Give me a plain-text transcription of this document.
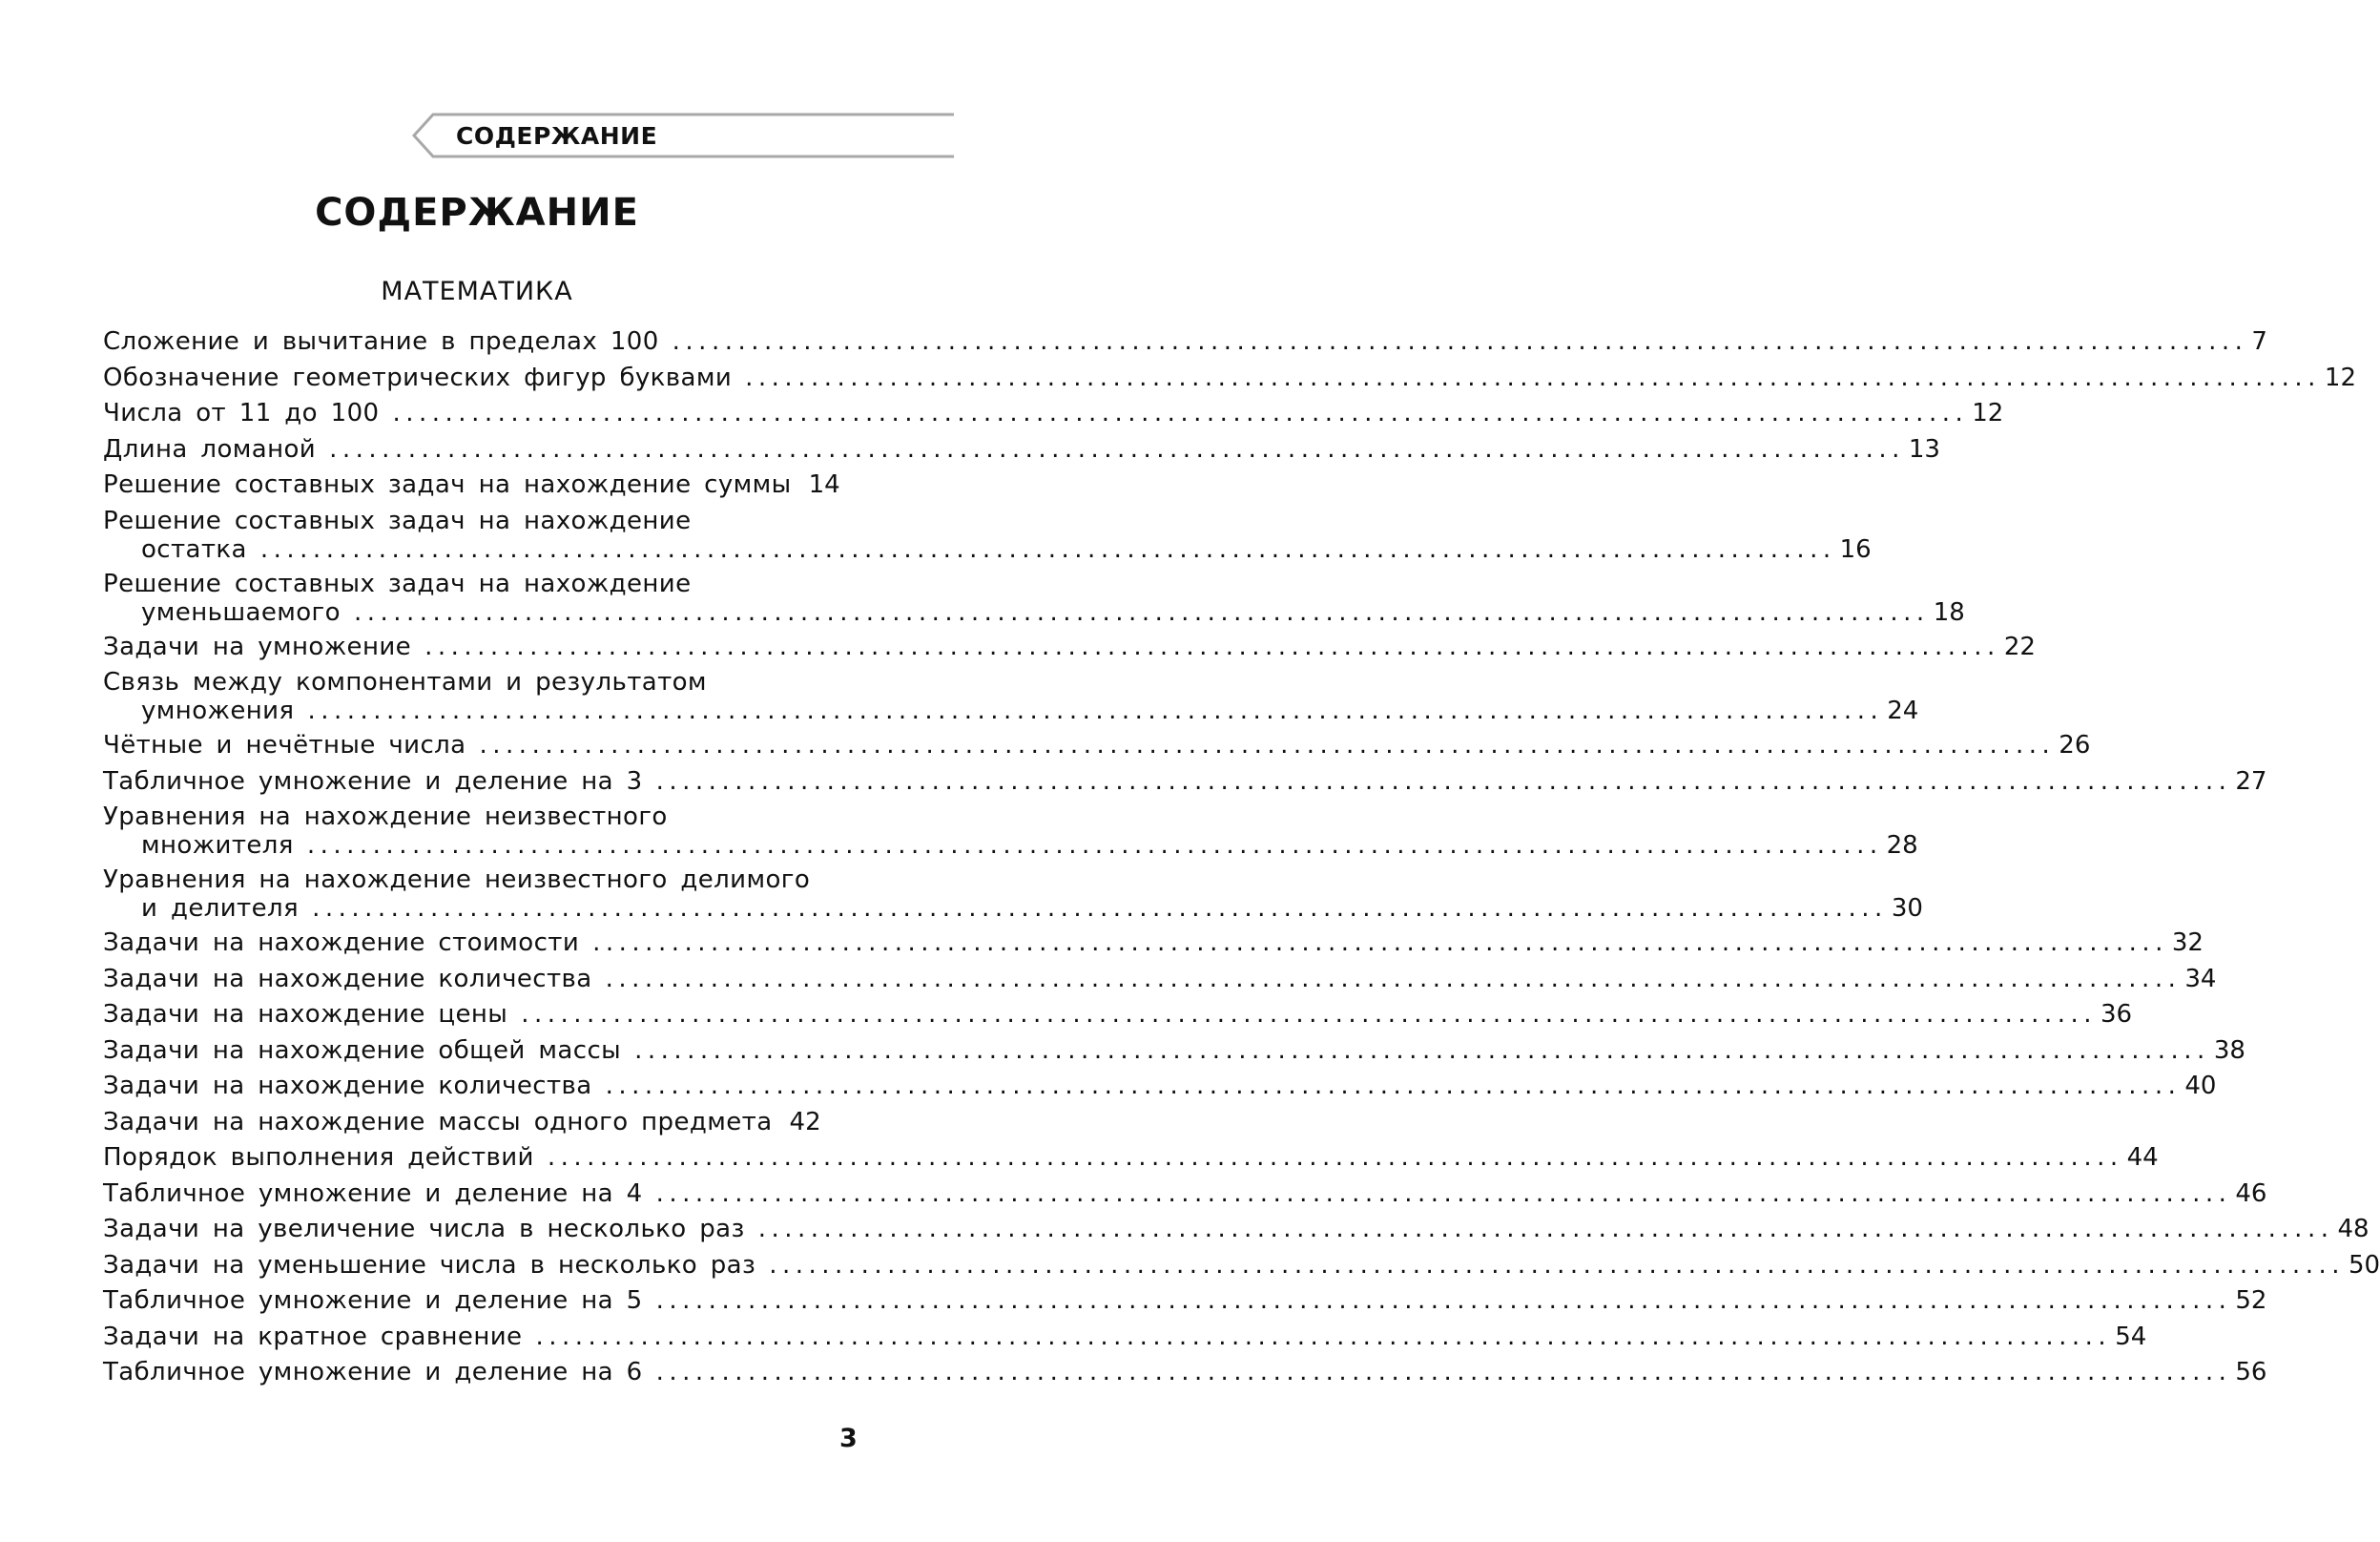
СОДЕРЖАНИЕ
СОДЕРЖАНИЕ
МАТЕМАТИКА
Сложение и вычитание в пределах 100 ........................................................................................................................ 7
Обозначение геометрических фигур буквами ........................................................................................................................ 12
Числа от 11 до 100 ........................................................................................................................ 12
Длина ломаной ........................................................................................................................ 13
Решение составных задач на нахождение суммы 14
Решение составных задач на нахождение
остатка ........................................................................................................................ 16
Решение составных задач на нахождение
уменьшаемого ........................................................................................................................ 18
Задачи на умножение ........................................................................................................................ 22
Связь между компонентами и результатом
умножения ........................................................................................................................ 24
Чётные и нечётные числа ........................................................................................................................ 26
Табличное умножение и деление на 3 ........................................................................................................................ 27
Уравнения на нахождение неизвестного
множителя ........................................................................................................................ 28
Уравнения на нахождение неизвестного делимого
и делителя ........................................................................................................................ 30
Задачи на нахождение стоимости ........................................................................................................................ 32
Задачи на нахождение количества ........................................................................................................................ 34
Задачи на нахождение цены ........................................................................................................................ 36
Задачи на нахождение общей массы ........................................................................................................................ 38
Задачи на нахождение количества ........................................................................................................................ 40
Задачи на нахождение массы одного предмета 42
Порядок выполнения действий ........................................................................................................................ 44
Табличное умножение и деление на 4 ........................................................................................................................ 46
Задачи на увеличение числа в несколько раз ........................................................................................................................ 48
Задачи на уменьшение числа в несколько раз ........................................................................................................................ 50
Табличное умножение и деление на 5 ........................................................................................................................ 52
Задачи на кратное сравнение ........................................................................................................................ 54
Табличное умножение и деление на 6 ........................................................................................................................ 56
3
